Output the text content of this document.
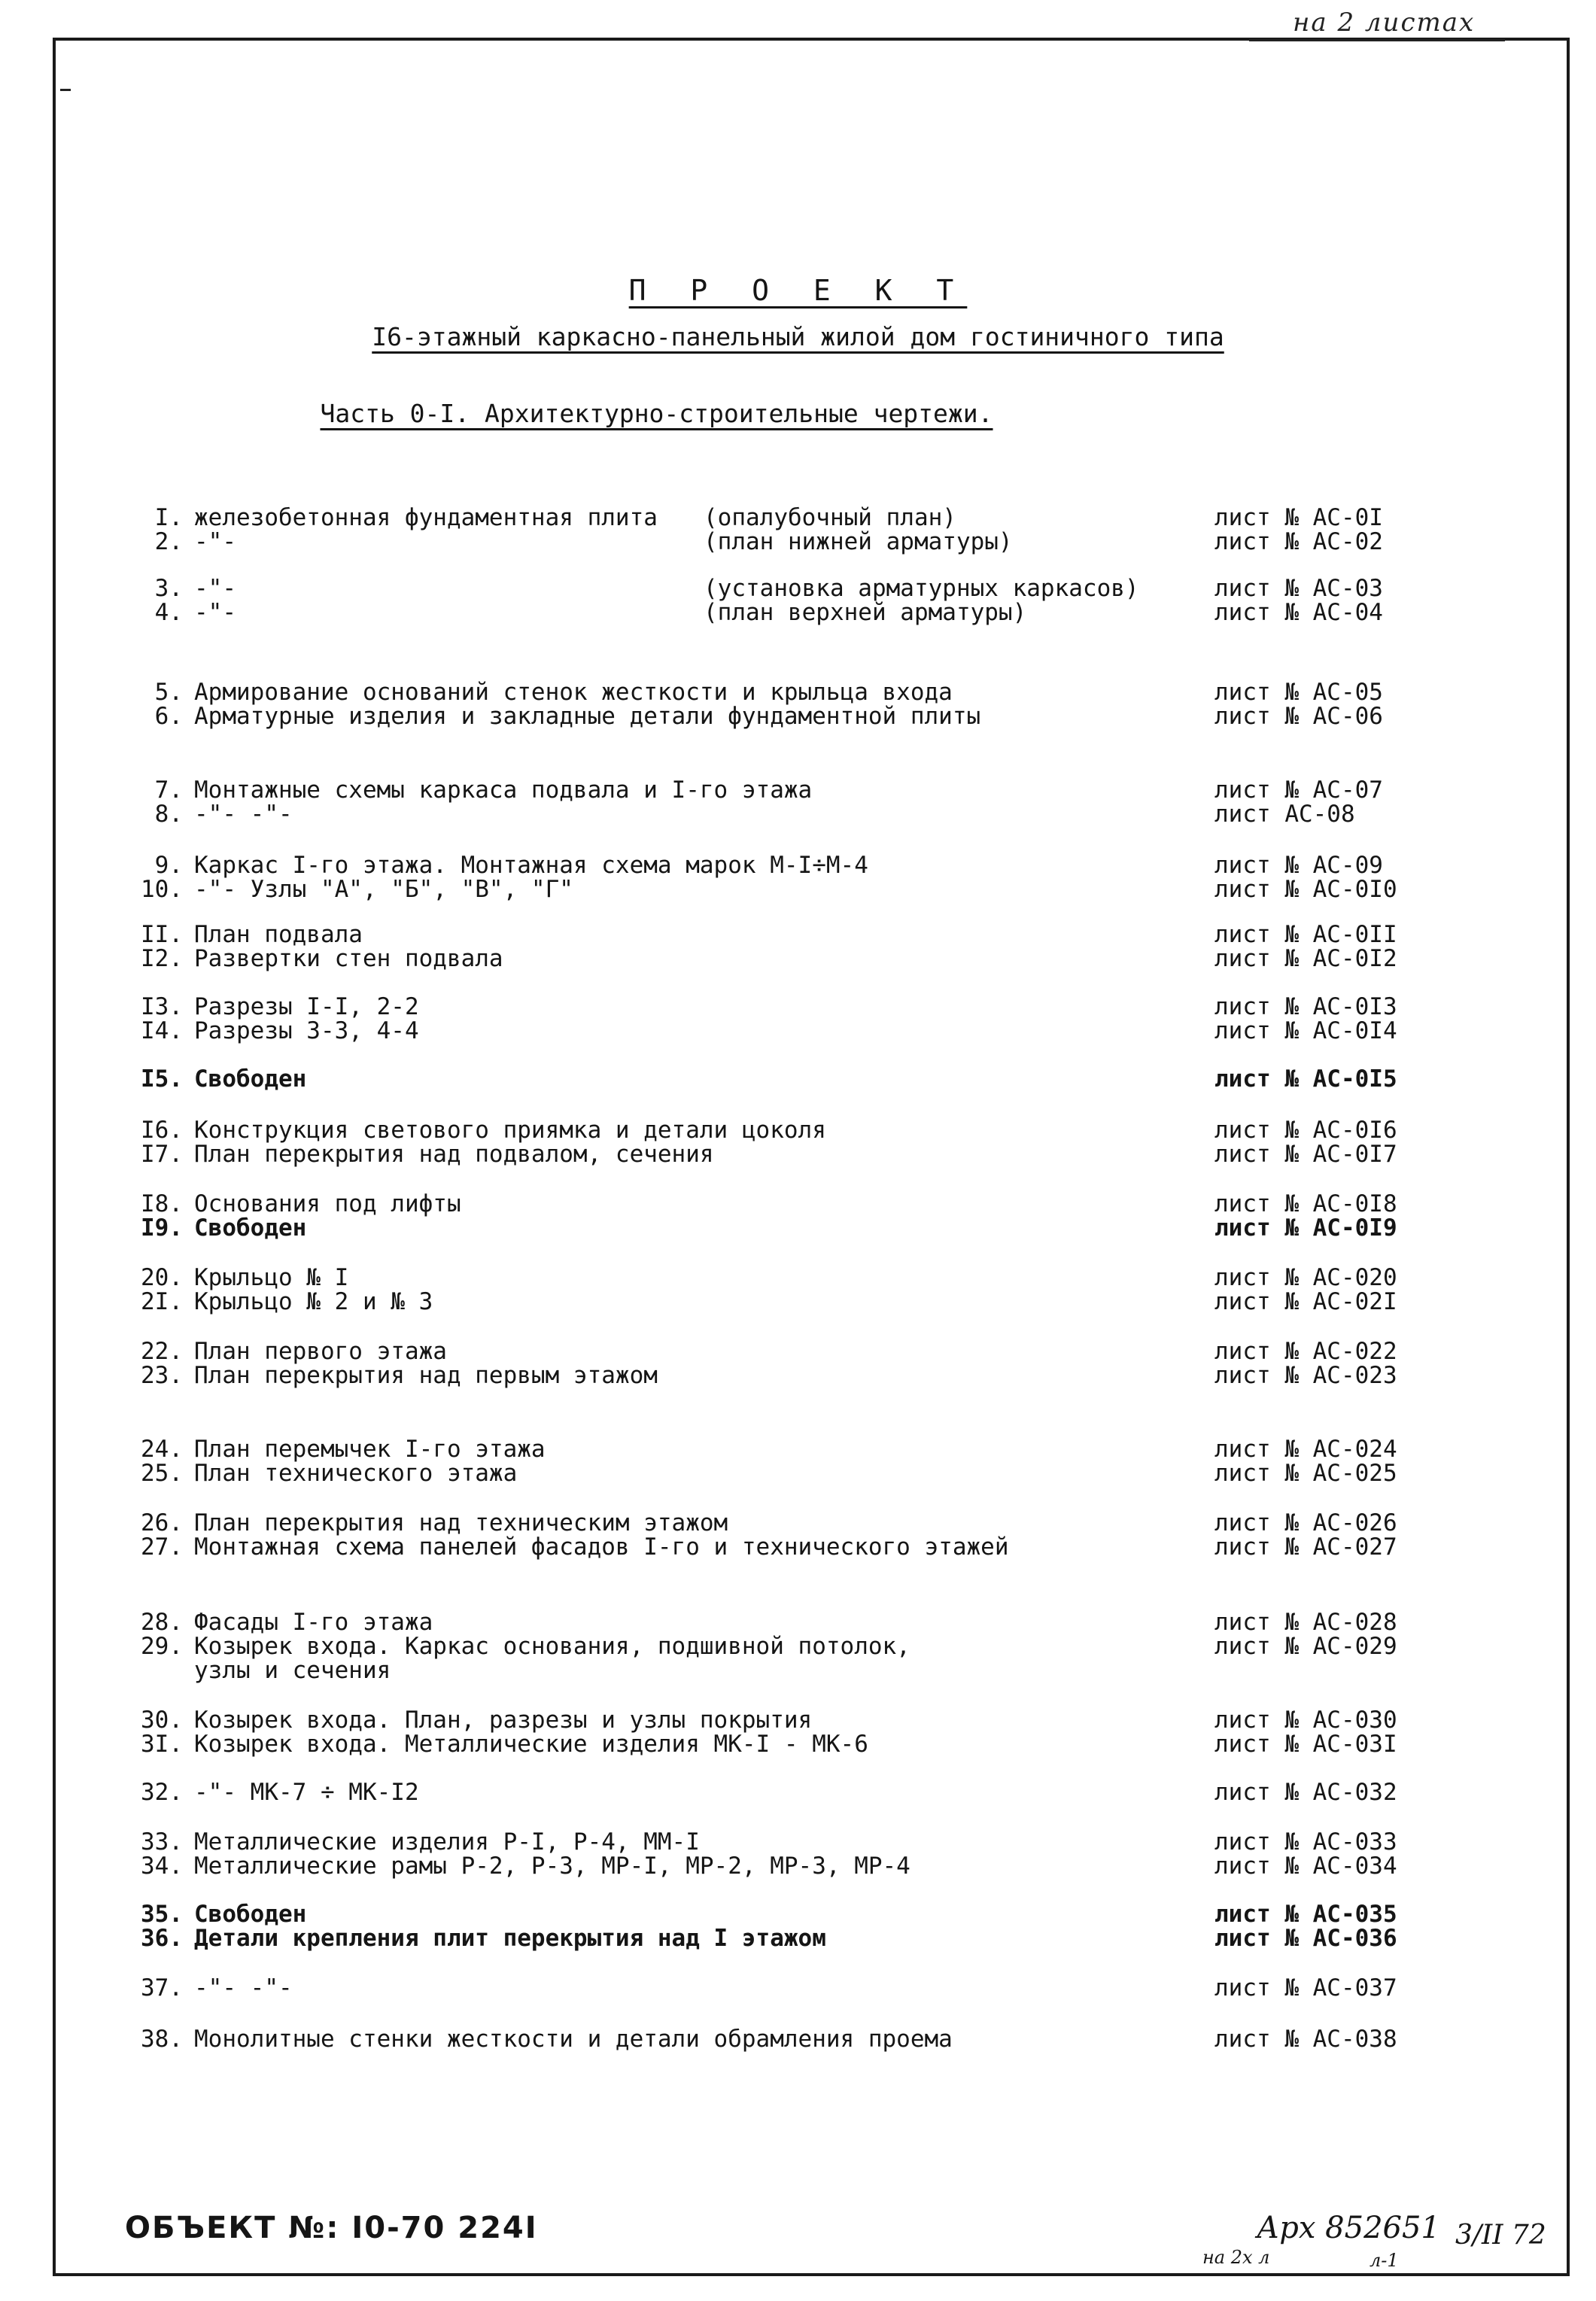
на 2 листах
П Р О Е К Т
I6-этажный каркасно-панельный жилой дом гостиничного типа
Часть 0-I. Архитектурно-строительные чертежи.
I. железобетонная фундаментная плита (опалубочный план)	лист № АС-0I
2. -"-	(план нижней арматуры)	лист № АС-02
3. -"-	(установка арматурных каркасов)	лист № АС-03
4. -"-	(план верхней арматуры)	лист № АС-04
5. Армирование оснований стенок жесткости и крыльца входа	лист № АС-05
6. Арматурные изделия и закладные детали фундаментной плиты	лист № АС-06
7. Монтажные схемы каркаса подвала и I-го этажа	лист № АС-07
8. -"- -"-	лист АС-08
9. Каркас I-го этажа. Монтажная схема марок М-I÷М-4	лист № АС-09
10. -"- Узлы "А", "Б", "В", "Г"	лист № АС-0I0
II. План подвала	лист № АС-0II
I2. Развертки стен подвала	лист № АС-0I2
I3. Разрезы I-I, 2-2	лист № АС-0I3
I4. Разрезы 3-3, 4-4	лист № АС-0I4
I5. Свободен	лист № АС-0I5
I6. Конструкция светового приямка и детали цоколя	лист № АС-0I6
I7. План перекрытия над подвалом, сечения	лист № АС-0I7
I8. Основания под лифты	лист № АС-0I8
I9. Свободен	лист № АС-0I9
20. Крыльцо № I	лист № АС-020
2I. Крыльцо № 2 и № 3	лист № АС-02I
22. План первого этажа	лист № АС-022
23. План перекрытия над первым этажом	лист № АС-023
24. План перемычек I-го этажа	лист № АС-024
25. План технического этажа	лист № АС-025
26. План перекрытия над техническим этажом	лист № АС-026
27. Монтажная схема панелей фасадов I-го и технического этажей	лист № АС-027
28. Фасады I-го этажа	лист № АС-028
29. Козырек входа. Каркас основания, подшивной потолок,	лист № АС-029
узлы и сечения
30. Козырек входа. План, разрезы и узлы покрытия	лист № АС-030
3I. Козырек входа. Металлические изделия МК-I - МК-6	лист № АС-03I
32. -"- МК-7 ÷ МК-I2	лист № АС-032
33. Металлические изделия Р-I, Р-4, ММ-I	лист № АС-033
34. Металлические рамы Р-2, Р-3, МР-I, МР-2, МР-3, МР-4	лист № АС-034
35. Свободен	лист № АС-035
36. Детали крепления плит перекрытия над I этажом	лист № АС-036
37. -"- -"-	лист № АС-037
38. Монолитные стенки жесткости и детали обрамления проема	лист № АС-038
ОБЪЕКТ №: I0-70 224I	Арх 852651
на 2х л	л-1
3/II 72
